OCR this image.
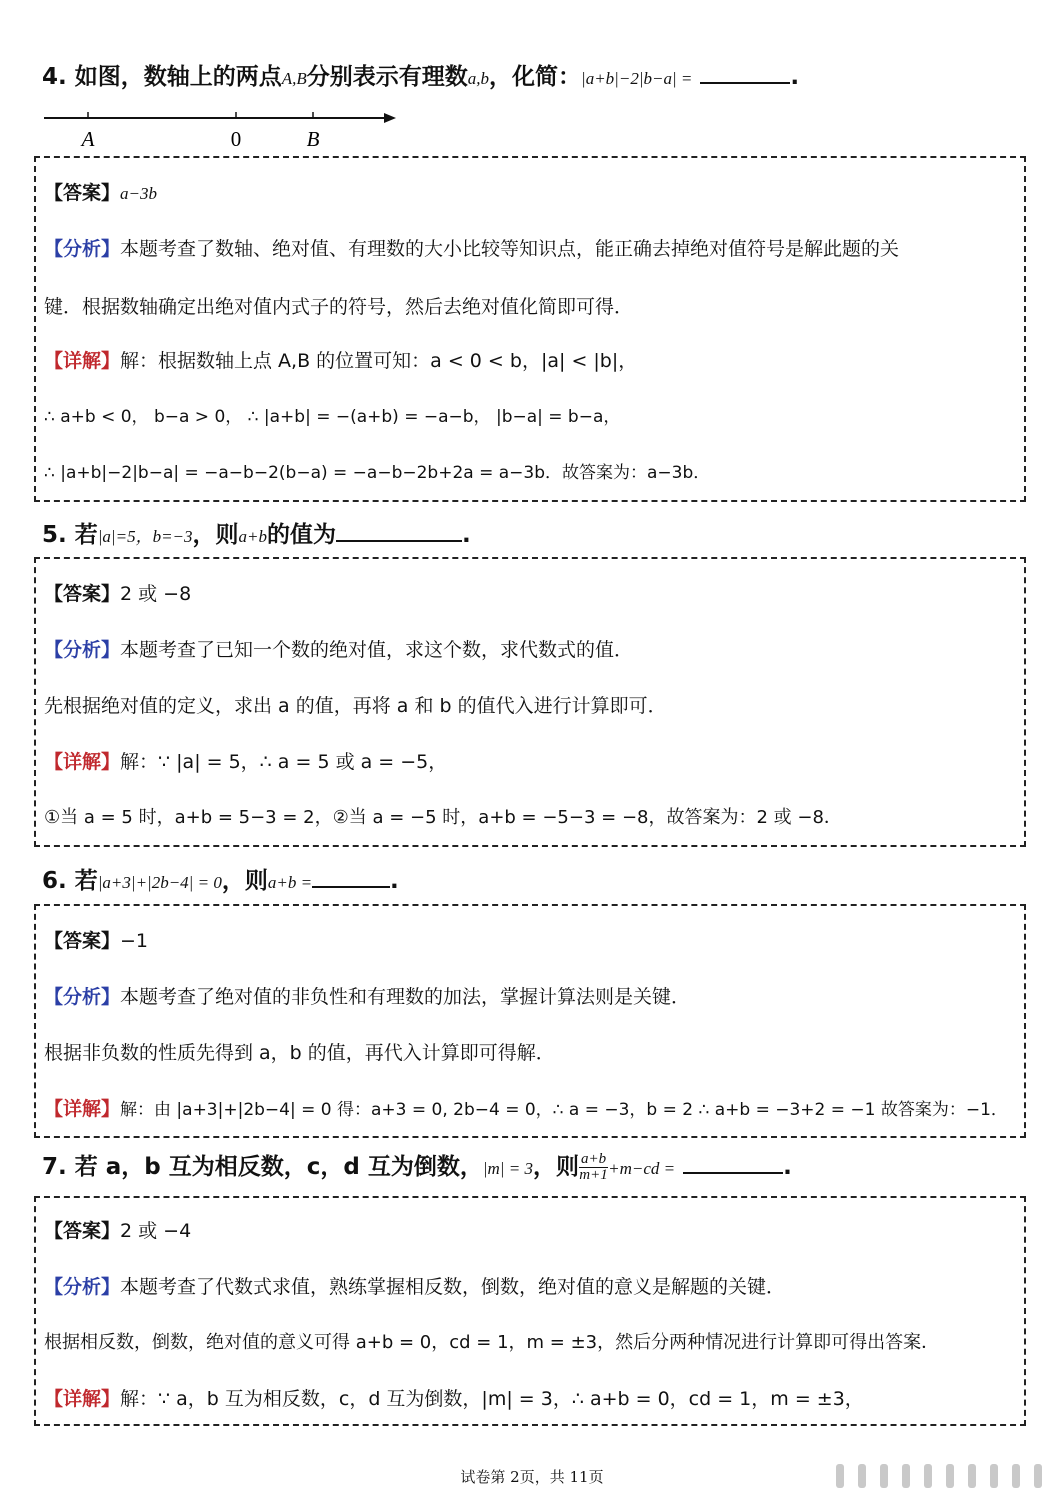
4. 如图，数轴上的两点A,B分别表示有理数a,b，化简：|a+b|−2|b−a| =	.
A	0	B
【答案】a−3b
【分析】本题考查了数轴、绝对值、有理数的大小比较等知识点，能正确去掉绝对值符号是解此题的关
键．根据数轴确定出绝对值内式子的符号，然后去绝对值化简即可得．
【详解】解：根据数轴上点 A,B 的位置可知：a < 0 < b，|a| < |b|，
∴ a+b < 0， b−a > 0， ∴ |a+b| = −(a+b) = −a−b， |b−a| = b−a，
∴ |a+b|−2|b−a| = −a−b−2(b−a) = −a−b−2b+2a = a−3b．故答案为：a−3b．
5. 若|a|=5，b=−3，则a+b的值为	.
【答案】2 或 −8
【分析】本题考查了已知一个数的绝对值，求这个数，求代数式的值．
先根据绝对值的定义，求出 a 的值，再将 a 和 b 的值代入进行计算即可．
【详解】解：∵ |a| = 5，∴ a = 5 或 a = −5，
①当 a = 5 时，a+b = 5−3 = 2，②当 a = −5 时，a+b = −5−3 = −8，故答案为：2 或 −8．
6. 若|a+3|+|2b−4| = 0，则a+b =	.
【答案】−1
【分析】本题考查了绝对值的非负性和有理数的加法，掌握计算法则是关键．
根据非负数的性质先得到 a，b 的值，再代入计算即可得解．
【详解】解：由 |a+3|+|2b−4| = 0 得：a+3 = 0, 2b−4 = 0，∴ a = −3，b = 2 ∴ a+b = −3+2 = −1 故答案为：−1．
7. 若 a，b 互为相反数，c，d 互为倒数，|m| = 3，则 $\frac{a+b}{m+1} +m-cd$ =	.
【答案】2 或 −4
【分析】本题考查了代数式求值，熟练掌握相反数，倒数，绝对值的意义是解题的关键．
根据相反数，倒数，绝对值的意义可得 a+b = 0，cd = 1，m = ±3，然后分两种情况进行计算即可得出答案．
【详解】解：∵ a，b 互为相反数，c，d 互为倒数，|m| = 3，∴ a+b = 0，cd = 1，m = ±3，
试卷第 2页，共 11页
